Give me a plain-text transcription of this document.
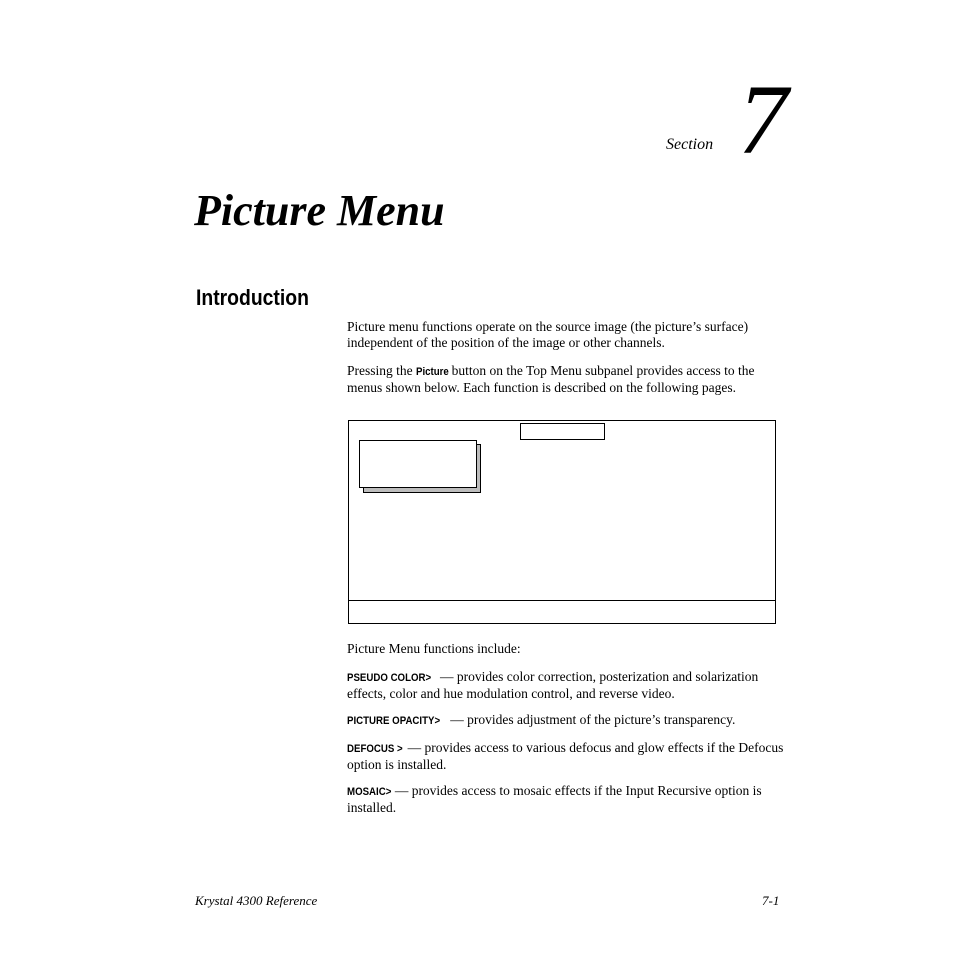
Section 7
Picture Menu
Introduction

Picture menu functions operate on the source image (the picture’s surface) independent of the position of the image or other channels.

Pressing the Picture button on the Top Menu subpanel provides access to the menus shown below. Each function is described on the following pages.

Picture Menu functions include:

PSEUDO COLOR> — provides color correction, posterization and solarization effects, color and hue modulation control, and reverse video.

PICTURE OPACITY> — provides adjustment of the picture’s transparency.

DEFOCUS > — provides access to various defocus and glow effects if the Defocus option is installed.

MOSAIC> — provides access to mosaic effects if the Input Recursive option is installed.

Krystal 4300 Reference	7-1
